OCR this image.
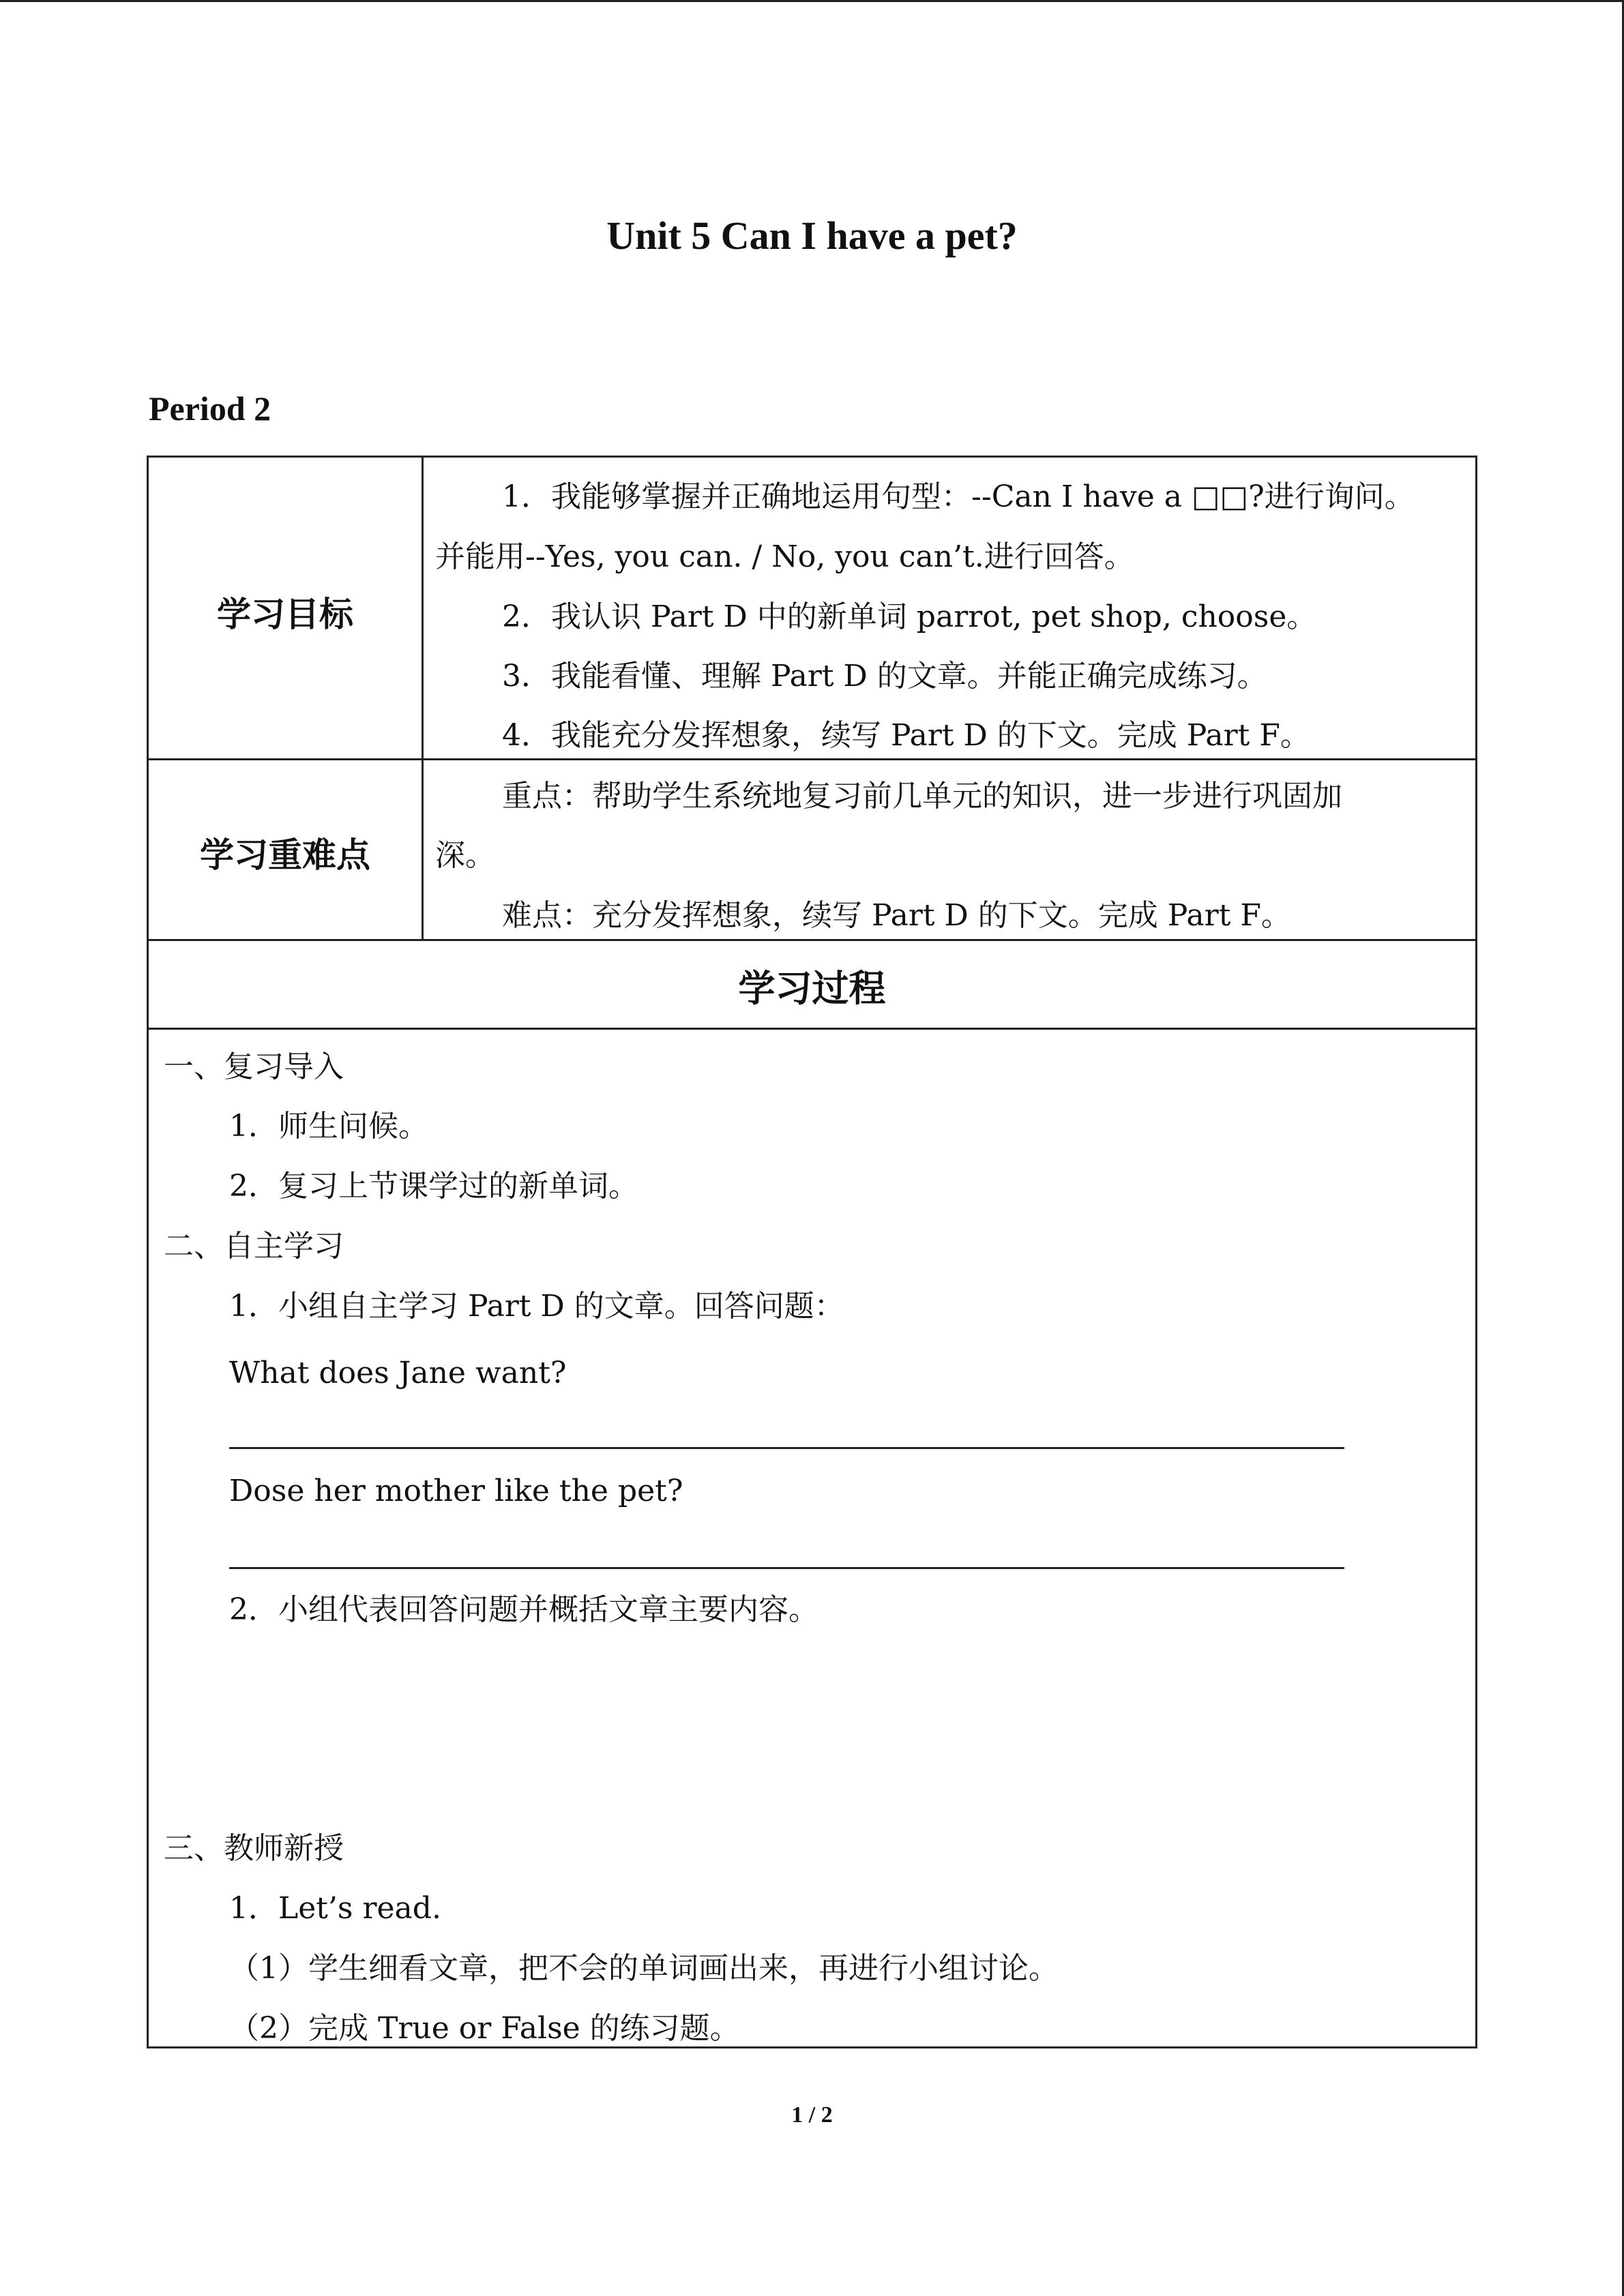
Unit 5 Can I have a pet?
Period 2
学习目标
1．我能够掌握并正确地运用句型：--Can I have a □□?进行询问。
并能用--Yes, you can. / No, you can’t.进行回答。
2．我认识 Part D 中的新单词 parrot, pet shop, choose。
3．我能看懂、理解 Part D 的文章。并能正确完成练习。
4．我能充分发挥想象，续写 Part D 的下文。完成 Part F。
学习重难点
重点：帮助学生系统地复习前几单元的知识，进一步进行巩固加
深。
难点：充分发挥想象，续写 Part D 的下文。完成 Part F。
学习过程
一、复习导入
1．师生问候。
2．复习上节课学过的新单词。
二、自主学习
1．小组自主学习 Part D 的文章。回答问题：
What does Jane want?
Dose her mother like the pet?
2．小组代表回答问题并概括文章主要内容。
三、教师新授
1．Let’s read.
（1）学生细看文章，把不会的单词画出来，再进行小组讨论。
（2）完成 True or False 的练习题。
1 / 2
